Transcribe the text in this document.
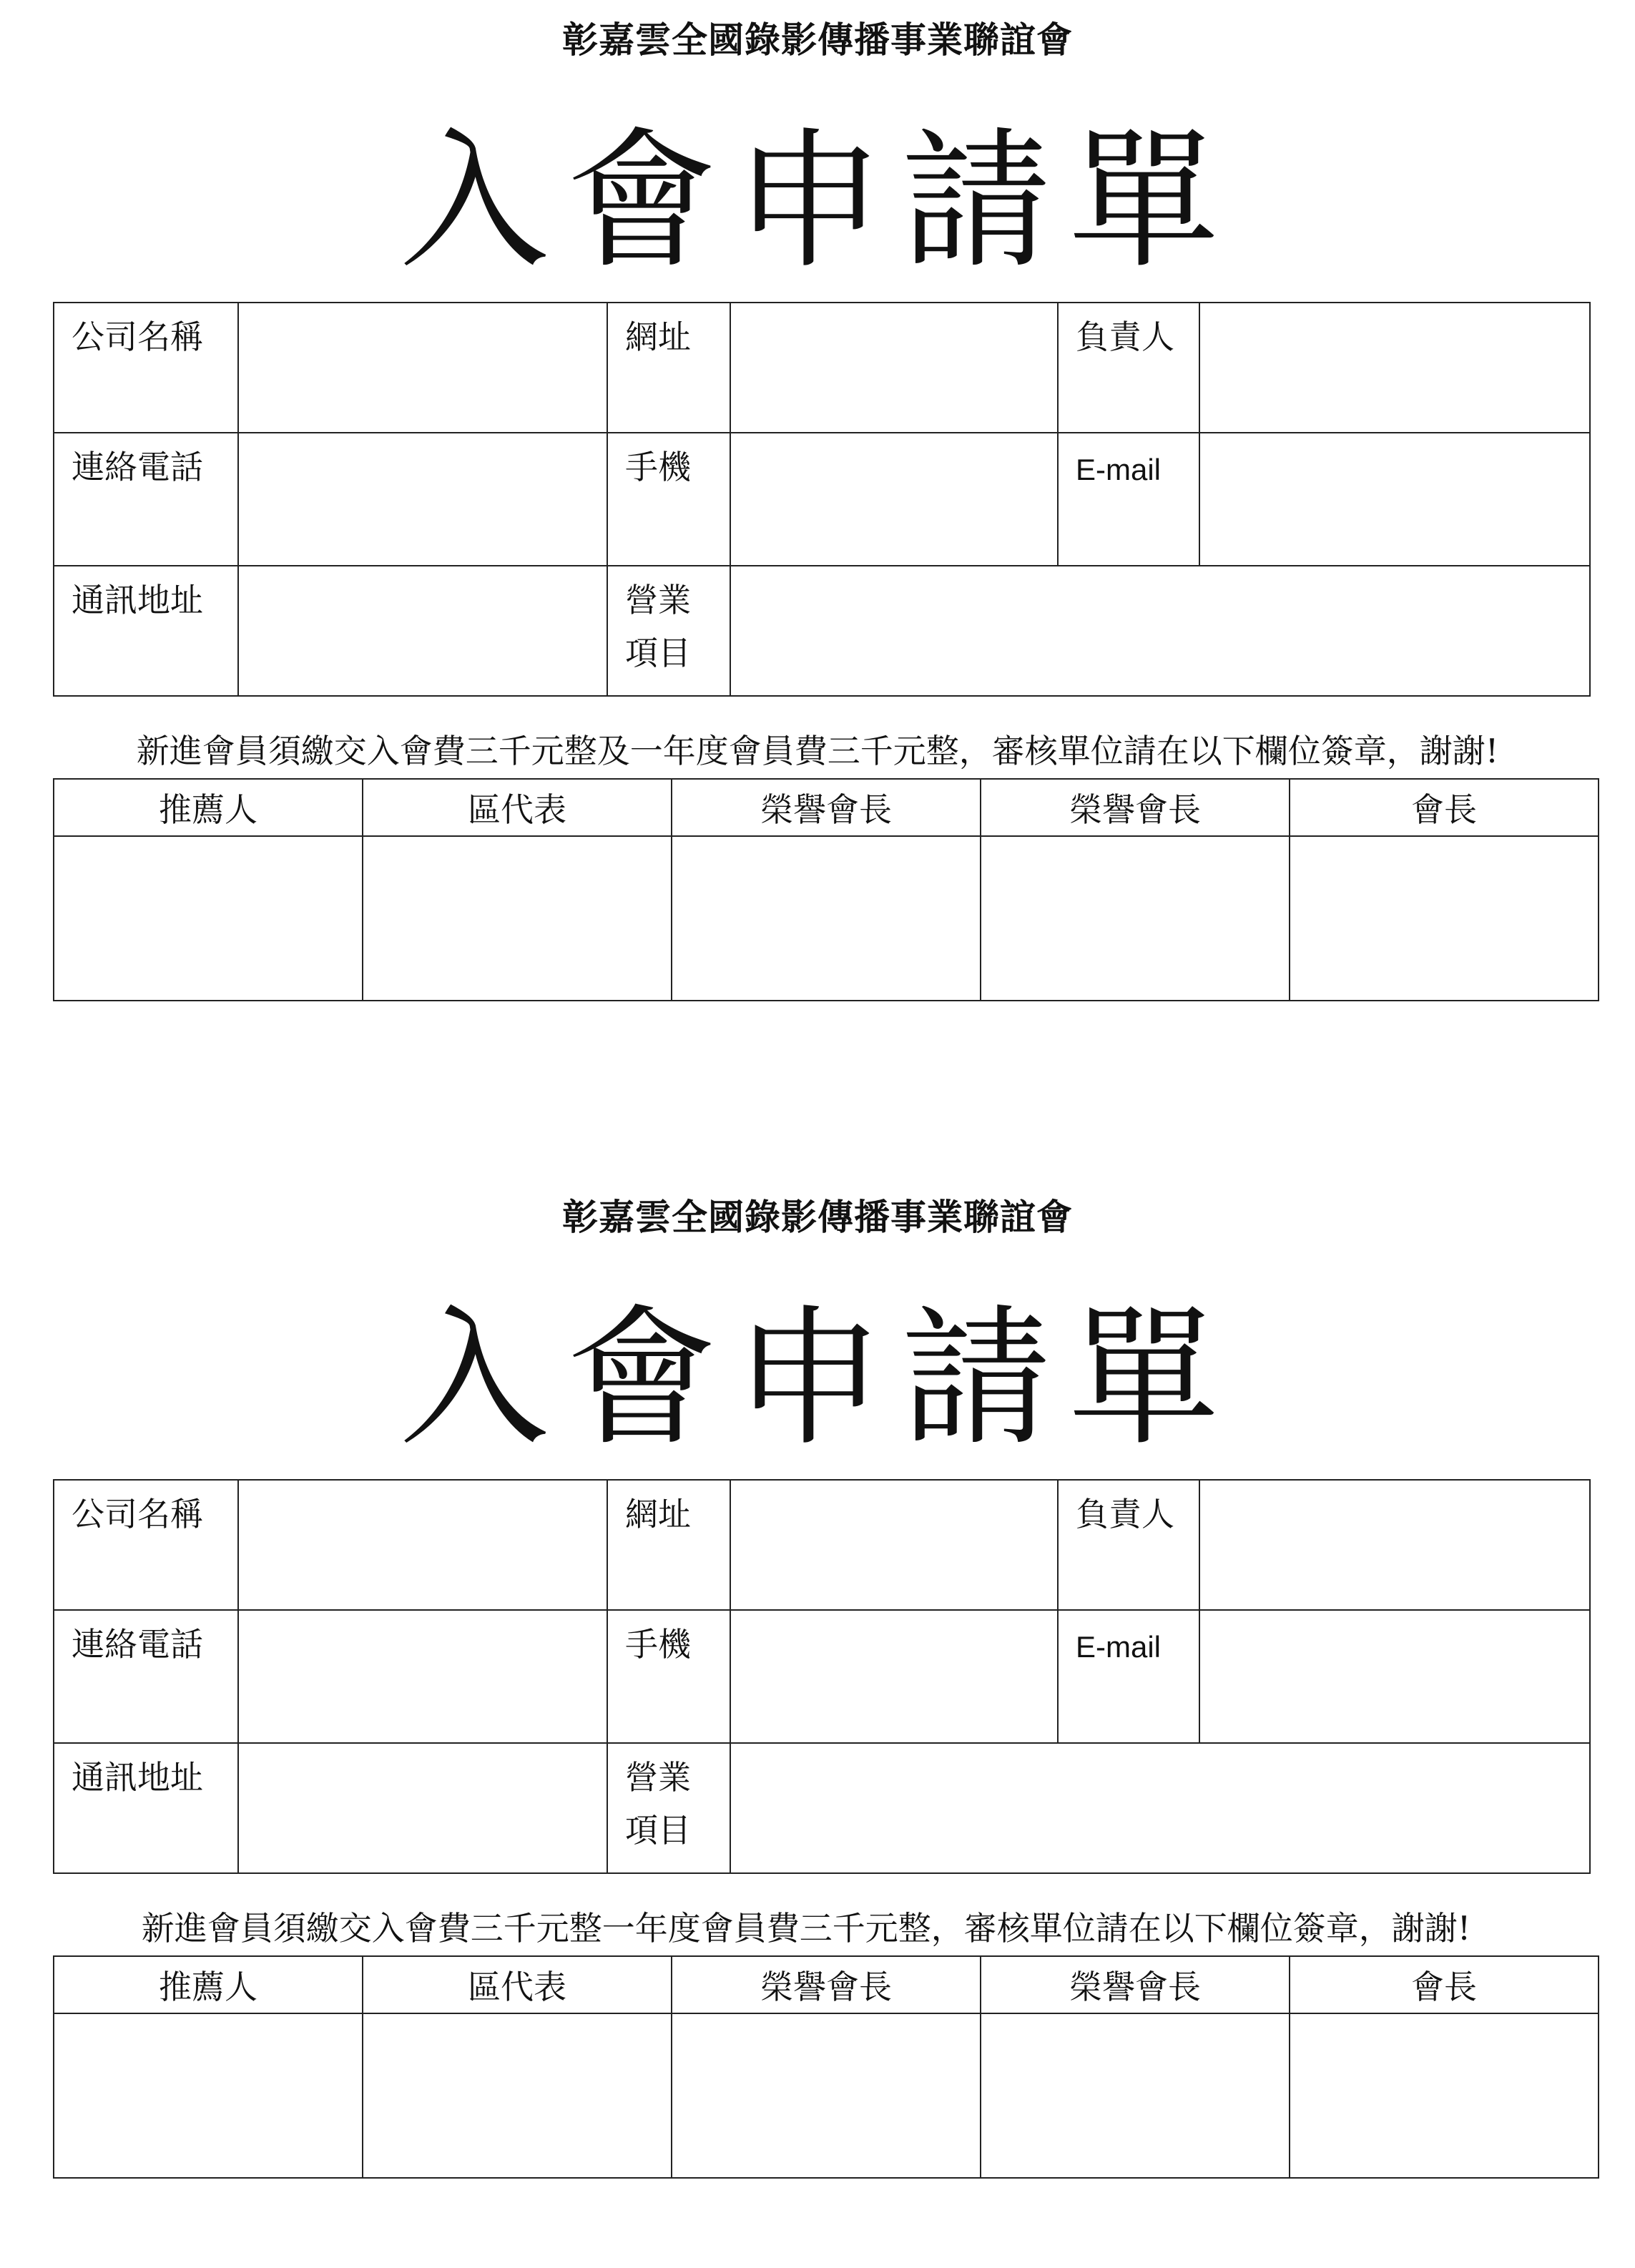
彰嘉雲全國錄影傳播事業聯誼會
入會申請單
公司名稱		網址		負責人	
連絡電話		手機		E-mail	
通訊地址		營業項目			
新進會員須繳交入會費三千元整及一年度會員費三千元整，審核單位請在以下欄位簽章，謝謝!
推薦人	區代表	榮譽會長	榮譽會長	會長

彰嘉雲全國錄影傳播事業聯誼會
入會申請單
公司名稱		網址		負責人	
連絡電話		手機		E-mail	
通訊地址		營業項目			
新進會員須繳交入會費三千元整一年度會員費三千元整，審核單位請在以下欄位簽章，謝謝!
推薦人	區代表	榮譽會長	榮譽會長	會長
